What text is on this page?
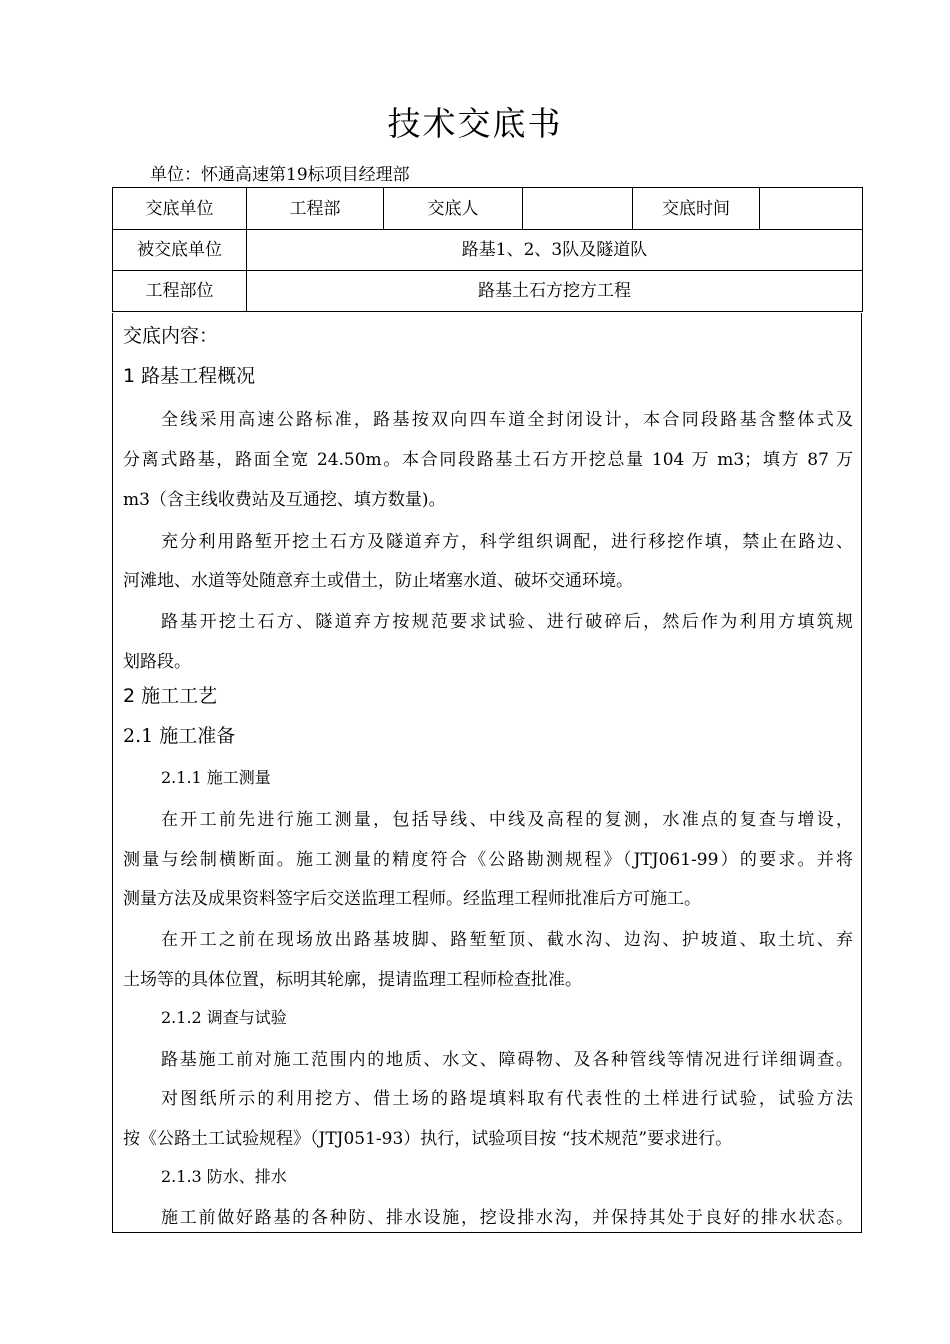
技术交底书
单位：怀通高速第19标项目经理部
交底单位	工程部	交底人		交底时间	
被交底单位	路基1、2、3队及隧道队				
工程部位	路基土石方挖方工程				
交底内容：
1 路基工程概况
全线采用高速公路标准，路基按双向四车道全封闭设计，本合同段路基含整体式及
分离式路基，路面全宽 24.50m。本合同段路基土石方开挖总量 104 万 m3；填方 87 万
m3（含主线收费站及互通挖、填方数量)。
充分利用路堑开挖土石方及隧道弃方，科学组织调配，进行移挖作填，禁止在路边、
河滩地、水道等处随意弃土或借土，防止堵塞水道、破坏交通环境。
路基开挖土石方、隧道弃方按规范要求试验、进行破碎后，然后作为利用方填筑规
划路段。
2 施工工艺
2.1 施工准备
2.1.1 施工测量
在开工前先进行施工测量，包括导线、中线及高程的复测，水准点的复查与增设，
测量与绘制横断面。施工测量的精度符合《公路勘测规程》（JTJ061-99）的要求。并将
测量方法及成果资料签字后交送监理工程师。经监理工程师批准后方可施工。
在开工之前在现场放出路基坡脚、路堑堑顶、截水沟、边沟、护坡道、取土坑、弃
土场等的具体位置，标明其轮廓，提请监理工程师检查批准。
2.1.2 调查与试验
路基施工前对施工范围内的地质、水文、障碍物、及各种管线等情况进行详细调查。
对图纸所示的利用挖方、借土场的路堤填料取有代表性的土样进行试验，试验方法
按《公路土工试验规程》（JTJ051-93）执行，试验项目按 “技术规范”要求进行。
2.1.3 防水、排水
施工前做好路基的各种防、排水设施，挖设排水沟，并保持其处于良好的排水状态。
